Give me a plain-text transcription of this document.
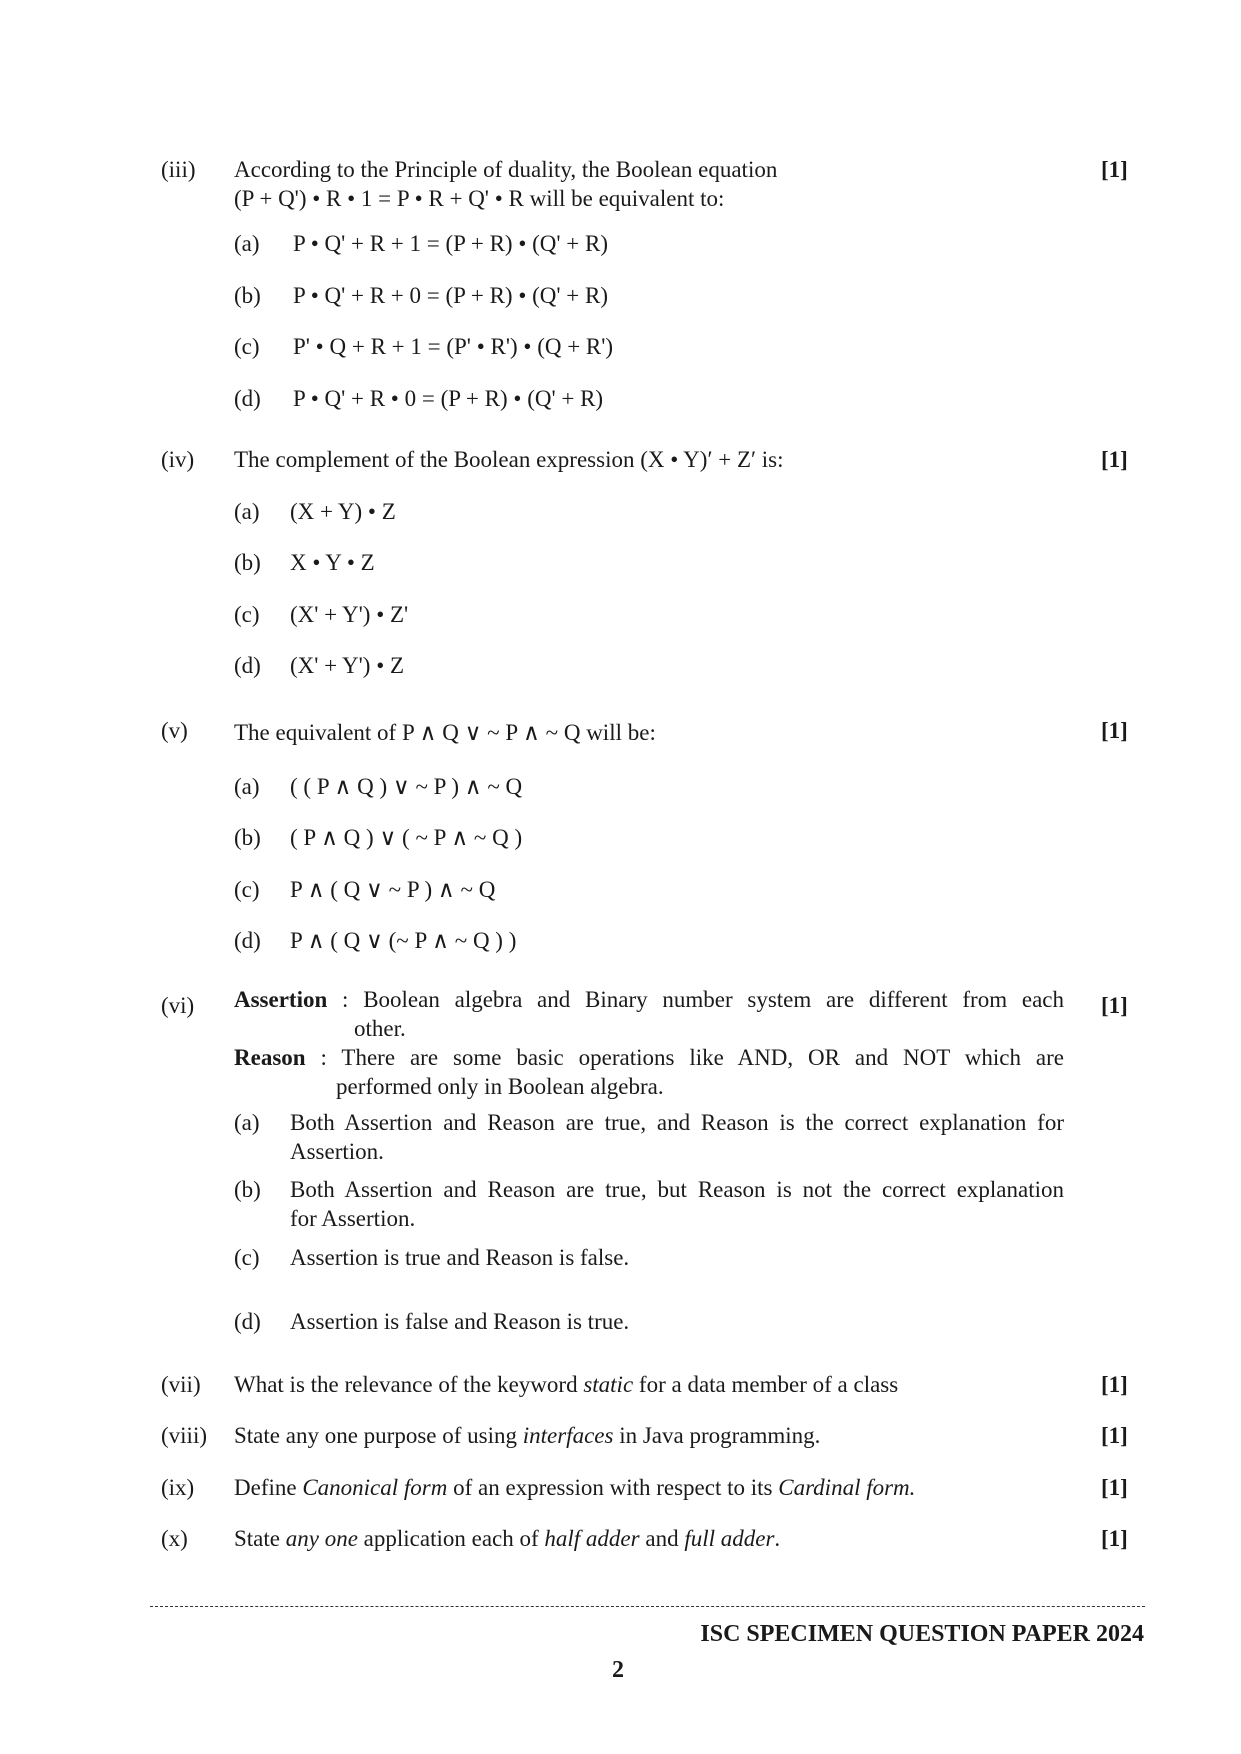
(iii) According to the Principle of duality, the Boolean equation
(P + Q') • R • 1 = P • R + Q' • R will be equivalent to:
[1]
(a) P • Q' + R + 1 = (P + R) • (Q' + R)
(b) P • Q' + R + 0 = (P + R) • (Q' + R)
(c) P' • Q + R + 1 = (P' • R') • (Q + R')
(d) P • Q' + R • 0 = (P + R) • (Q' + R)
(iv) The complement of the Boolean expression (X • Y)′ + Z′ is:	[1]
(a) (X + Y) • Z
(b) X • Y • Z
(c) (X' + Y') • Z'
(d) (X' + Y') • Z
(v) The equivalent of P ∧ Q ∨ ~ P ∧ ~ Q will be:	[1]
(a) ( ( P ∧ Q ) ∨ ~ P ) ∧ ~ Q
(b) ( P ∧ Q ) ∨ ( ~ P ∧ ~ Q )
(c) P ∧ ( Q ∨ ~ P ) ∧ ~ Q
(d) P ∧ ( Q ∨ (~ P ∧ ~ Q ) )
(vi)	[1]
Assertion : Boolean algebra and Binary number system are different from each
other.
Reason : There are some basic operations like AND, OR and NOT which are
performed only in Boolean algebra.
(a) Both Assertion and Reason are true, and Reason is the correct explanation for
Assertion.
(b) Both Assertion and Reason are true, but Reason is not the correct explanation
for Assertion.
(c) Assertion is true and Reason is false.
(d) Assertion is false and Reason is true.
(vii) What is the relevance of the keyword static for a data member of a class	[1]
(viii) State any one purpose of using interfaces in Java programming.	[1]
(ix) Define Canonical form of an expression with respect to its Cardinal form.	[1]
(x) State any one application each of half adder and full adder.	[1]
ISC SPECIMEN QUESTION PAPER 2024
2
